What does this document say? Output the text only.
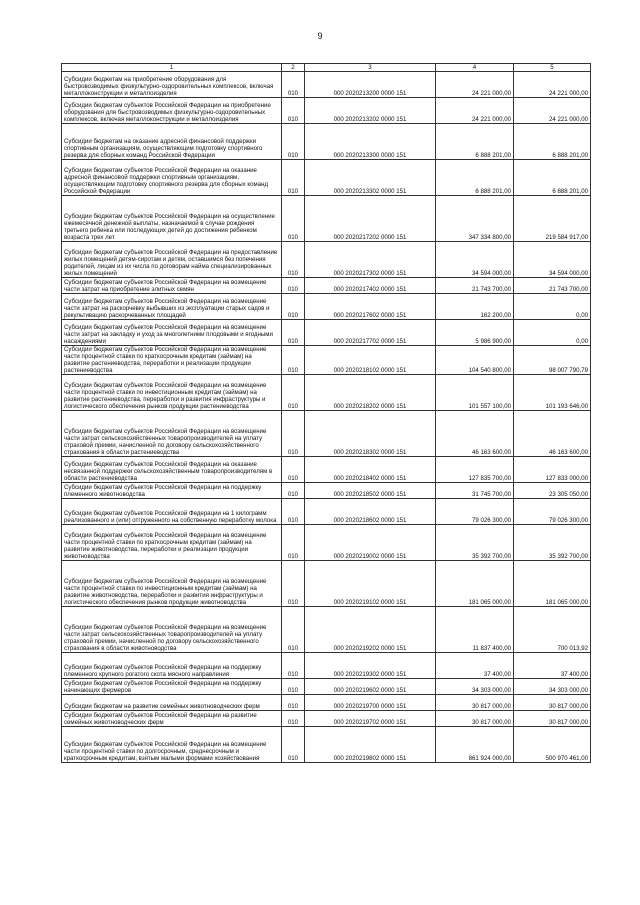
9
1	2	3	4	5
Субсидии бюджетам на приобретение оборудования для быстровозводимых физкультурно-оздоровительных комплексов, включая металлоконструкции и металлоизделия	010	000 2020213200 0000 151	24 221 000,00	24 221 000,00
Субсидии бюджетам субъектов Российской Федерации на приобретение оборудования для быстровозводимых физкультурно-оздоровительных комплексов, включая металлоконструкции и металлоизделия	010	000 2020213202 0000 151	24 221 000,00	24 221 000,00
Субсидии бюджетам на оказание адресной финансовой поддержки спортивным организациям, осуществляющим подготовку спортивного резерва для сборных команд Российской Федерации	010	000 2020213300 0000 151	6 888 201,00	6 888 201,00
Субсидии бюджетам субъектов Российской Федерации на оказание адресной финансовой поддержки спортивным организациям, осуществляющим подготовку спортивного резерва для сборных команд Российской Федерации	010	000 2020213302 0000 151	6 888 201,00	6 888 201,00
Субсидии бюджетам субъектов Российской Федерации на осуществление ежемесячной денежной выплаты, назначаемой в случае рождения третьего ребенка или последующих детей до достижения ребенком возраста трех лет	010	000 2020217202 0000 151	347 334 800,00	219 584 917,00
Субсидии бюджетам субъектов Российской Федерации на предоставление жилых помещений детям-сиротам и детям, оставшимся без попечения родителей, лицам из их числа по договорам найма специализированных жилых помещений	010	000 2020217302 0000 151	34 594 000,00	34 594 000,00
Субсидии бюджетам субъектов Российской Федерации на возмещение части затрат на приобретение элитных семян	010	000 2020217402 0000 151	21 743 700,00	21 743 700,00
Субсидии бюджетам субъектов Российской Федерации на возмещение части затрат на раскорчевку выбывших из эксплуатации старых садов и рекультивацию раскорчеванных площадей	010	000 2020217602 0000 151	162 200,00	0,00
Субсидии бюджетам субъектов Российской Федерации на возмещение части затрат на закладку и уход за многолетними плодовыми и ягодными насаждениями	010	000 2020217702 0000 151	5 986 900,00	0,00
Субсидии бюджетам субъектов Российской Федерации на возмещение части процентной ставки по краткосрочным кредитам (займам) на развитие растениеводства, переработки и реализации продукции растениеводства	010	000 2020218102 0000 151	104 540 800,00	98 007 790,79
Субсидии бюджетам субъектов Российской Федерации на возмещение части процентной ставки по инвестиционным кредитам (займам) на развитие растениеводства, переработки и развития инфраструктуры и логистического обеспечения рынков продукции растениеводства	010	000 2020218202 0000 151	101 557 100,00	101 193 646,00
Субсидии бюджетам субъектов Российской Федерации на возмещение части затрат сельскохозяйственных товаропроизводителей на уплату страховой премии, начисленной по договору сельскохозяйственного страхования в области растениеводства	010	000 2020218302 0000 151	46 163 600,00	46 163 600,00
Субсидии бюджетам субъектов Российской Федерации на оказание несвязанной поддержки сельскохозяйственным товаропроизводителям в области растениеводства	010	000 2020218402 0000 151	127 835 700,00	127 833 000,00
Субсидии бюджетам субъектов Российской Федерации на поддержку племенного животноводства	010	000 2020218502 0000 151	31 745 700,00	23 305 050,00
Субсидии бюджетам субъектов Российской Федерации на 1 килограмм реализованного и (или) отгруженного на собственную переработку молока	010	000 2020218602 0000 151	79 026 300,00	79 026 300,00
Субсидии бюджетам субъектов Российской Федерации на возмещение части процентной ставки по краткосрочным кредитам (займам) на развитие животноводства, переработки и реализации продукции животноводства	010	000 2020219002 0000 151	35 392 700,00	35 392 700,00
Субсидии бюджетам субъектов Российской Федерации на возмещение части процентной ставки по инвестиционным кредитам (займам) на развитие животноводства, переработки и развития инфраструктуры и логистического обеспечения рынков продукции животноводства	010	000 2020219102 0000 151	181 065 000,00	181 065 000,00
Субсидии бюджетам субъектов Российской Федерации на возмещение части затрат сельскохозяйственных товаропроизводителей на уплату страховой премии, начисленной по договору сельскохозяйственного страхования в области животноводства	010	000 2020219202 0000 151	11 837 400,00	700 013,92
Субсидии бюджетам субъектов Российской Федерации на поддержку племенного крупного рогатого скота мясного направления	010	000 2020219302 0000 151	37 400,00	37 400,00
Субсидии бюджетам субъектов Российской Федерации на поддержку начинающих фермеров	010	000 2020219602 0000 151	34 303 000,00	34 303 000,00
Субсидии бюджетам на развитие семейных животноводческих ферм	010	000 2020219700 0000 151	30 817 000,00	30 817 000,00
Субсидии бюджетам субъектов Российской Федерации на развитие семейных животноводческих ферм	010	000 2020219702 0000 151	30 817 000,00	30 817 000,00
Субсидии бюджетам субъектов Российской Федерации на возмещение части процентной ставки по долгосрочным, среднесрочным и краткосрочным кредитам, взятым малыми формами хозяйствования	010	000 2020219802 0000 151	861 924 000,00	500 970 461,00
